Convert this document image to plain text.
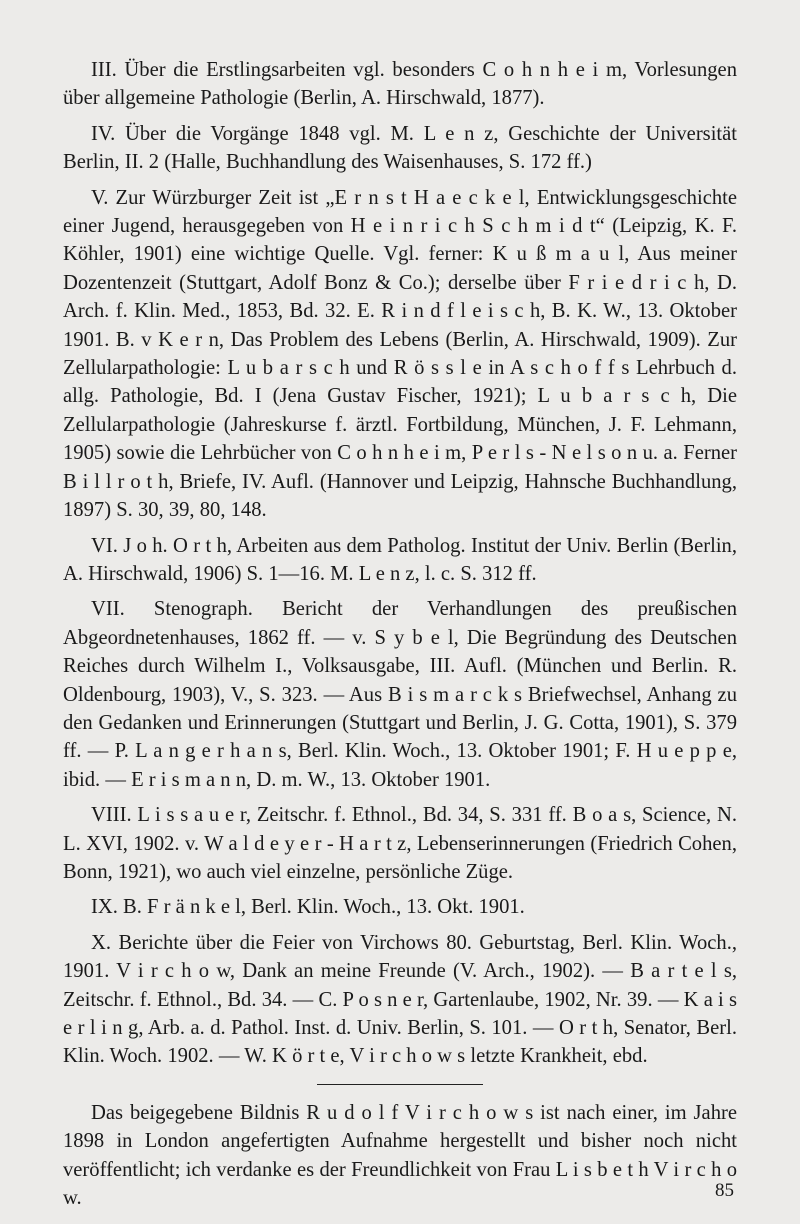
III. Über die Erstlingsarbeiten vgl. besonders C o h n h e i m, Vorlesungen über allgemeine Pathologie (Berlin, A. Hirschwald, 1877).

IV. Über die Vorgänge 1848 vgl. M. L e n z, Geschichte der Universität Berlin, II. 2 (Halle, Buchhandlung des Waisenhauses, S. 172 ff.)

V. Zur Würzburger Zeit ist „E r n s t H a e c k e l, Entwicklungsgeschichte einer Jugend, herausgegeben von H e i n r i c h S c h m i d t“ (Leipzig, K. F. Köhler, 1901) eine wichtige Quelle. Vgl. ferner: K u ß m a u l, Aus meiner Dozentenzeit (Stuttgart, Adolf Bonz & Co.); derselbe über F r i e d r i c h, D. Arch. f. Klin. Med., 1853, Bd. 32. E. R i n d f l e i s c h, B. K. W., 13. Oktober 1901. B. v K e r n, Das Problem des Lebens (Berlin, A. Hirschwald, 1909). Zur Zellularpathologie: L u b a r s c h und R ö s s l e in A s c h o f f s Lehrbuch d. allg. Pathologie, Bd. I (Jena Gustav Fischer, 1921); L u b a r s c h, Die Zellularpathologie (Jahreskurse f. ärztl. Fortbildung, München, J. F. Lehmann, 1905) sowie die Lehrbücher von C o h n h e i m, P e r l s - N e l s o n u. a. Ferner B i l l r o t h, Briefe, IV. Aufl. (Hannover und Leipzig, Hahnsche Buchhandlung, 1897) S. 30, 39, 80, 148.

VI. J o h. O r t h, Arbeiten aus dem Patholog. Institut der Univ. Berlin (Berlin, A. Hirschwald, 1906) S. 1—16. M. L e n z, l. c. S. 312 ff.

VII. Stenograph. Bericht der Verhandlungen des preußischen Abgeordnetenhauses, 1862 ff. — v. S y b e l, Die Begründung des Deutschen Reiches durch Wilhelm I., Volksausgabe, III. Aufl. (München und Berlin. R. Oldenbourg, 1903), V., S. 323. — Aus B i s m a r c k s Briefwechsel, Anhang zu den Gedanken und Erinnerungen (Stuttgart und Berlin, J. G. Cotta, 1901), S. 379 ff. — P. L a n g e r h a n s, Berl. Klin. Woch., 13. Oktober 1901; F. H u e p p e, ibid. — E r i s m a n n, D. m. W., 13. Oktober 1901.

VIII. L i s s a u e r, Zeitschr. f. Ethnol., Bd. 34, S. 331 ff. B o a s, Science, N. L. XVI, 1902. v. W a l d e y e r - H a r t z, Lebenserinnerungen (Friedrich Cohen, Bonn, 1921), wo auch viel einzelne, persönliche Züge.

IX. B. F r ä n k e l, Berl. Klin. Woch., 13. Okt. 1901.

X. Berichte über die Feier von Virchows 80. Geburtstag, Berl. Klin. Woch., 1901. V i r c h o w, Dank an meine Freunde (V. Arch., 1902). — B a r t e l s, Zeitschr. f. Ethnol., Bd. 34. — C. P o s n e r, Gartenlaube, 1902, Nr. 39. — K a i s e r l i n g, Arb. a. d. Pathol. Inst. d. Univ. Berlin, S. 101. — O r t h, Senator, Berl. Klin. Woch. 1902. — W. K ö r t e, V i r c h o w s letzte Krankheit, ebd.

Das beigegebene Bildnis R u d o l f V i r c h o w s ist nach einer, im Jahre 1898 in London angefertigten Aufnahme hergestellt und bisher noch nicht veröffentlicht; ich verdanke es der Freundlichkeit von Frau L i s b e t h V i r c h o w.	85
